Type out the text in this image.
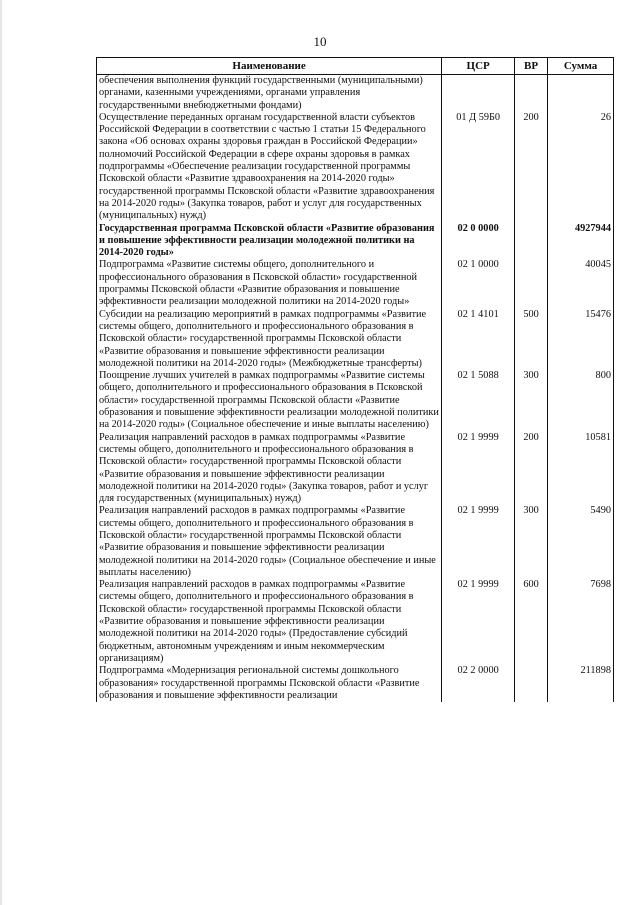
10
Наименование	ЦСР	ВР	Сумма
обеспечения выполнения функций государственными (муниципальными) органами, казенными учреждениями, органами управления государственными внебюджетными фондами)			
Осуществление переданных органам государственной власти субъектов Российской Федерации в соответствии с частью 1 статьи 15 Федерального закона «Об основах охраны здоровья граждан в Российской Федерации» полномочий Российской Федерации в сфере охраны здоровья в рамках подпрограммы «Обеспечение реализации государственной программы Псковской области «Развитие здравоохранения на 2014-2020 годы» государственной программы Псковской области «Развитие здравоохранения на 2014-2020 годы» (Закупка товаров, работ и услуг для государственных (муниципальных) нужд)	01 Д 59Б0	200	26
Государственная программа Псковской области «Развитие образования и повышение эффективности реализации молодежной политики на 2014-2020 годы»	02 0 0000		4927944
Подпрограмма «Развитие системы общего, дополнительного и профессионального образования в Псковской области» государственной программы Псковской области «Развитие образования и повышение эффективности реализации молодежной политики на 2014-2020 годы»	02 1 0000		40045
Субсидии на реализацию мероприятий в рамках подпрограммы «Развитие системы общего, дополнительного и профессионального образования в Псковской области» государственной программы Псковской области «Развитие образования и повышение эффективности реализации молодежной политики на 2014-2020 годы» (Межбюджетные трансферты)	02 1 4101	500	15476
Поощрение лучших учителей в рамках подпрограммы «Развитие системы общего, дополнительного и профессионального образования в Псковской области» государственной программы Псковской области «Развитие образования и повышение эффективности реализации молодежной политики на 2014-2020 годы» (Социальное обеспечение и иные выплаты населению)	02 1 5088	300	800
Реализация направлений расходов в рамках подпрограммы «Развитие системы общего, дополнительного и профессионального образования в Псковской области» государственной программы Псковской области «Развитие образования и повышение эффективности реализации молодежной политики на 2014-2020 годы» (Закупка товаров, работ и услуг для государственных (муниципальных) нужд)	02 1 9999	200	10581
Реализация направлений расходов в рамках подпрограммы «Развитие системы общего, дополнительного и профессионального образования в Псковской области» государственной программы Псковской области «Развитие образования и повышение эффективности реализации молодежной политики на 2014-2020 годы» (Социальное обеспечение и иные выплаты населению)	02 1 9999	300	5490
Реализация направлений расходов в рамках подпрограммы «Развитие системы общего, дополнительного и профессионального образования в Псковской области» государственной программы Псковской области «Развитие образования и повышение эффективности реализации молодежной политики на 2014-2020 годы» (Предоставление субсидий бюджетным, автономным учреждениям и иным некоммерческим организациям)	02 1 9999	600	7698
Подпрограмма «Модернизация региональной системы дошкольного образования» государственной программы Псковской области «Развитие образования и повышение эффективности реализации	02 2 0000		211898
